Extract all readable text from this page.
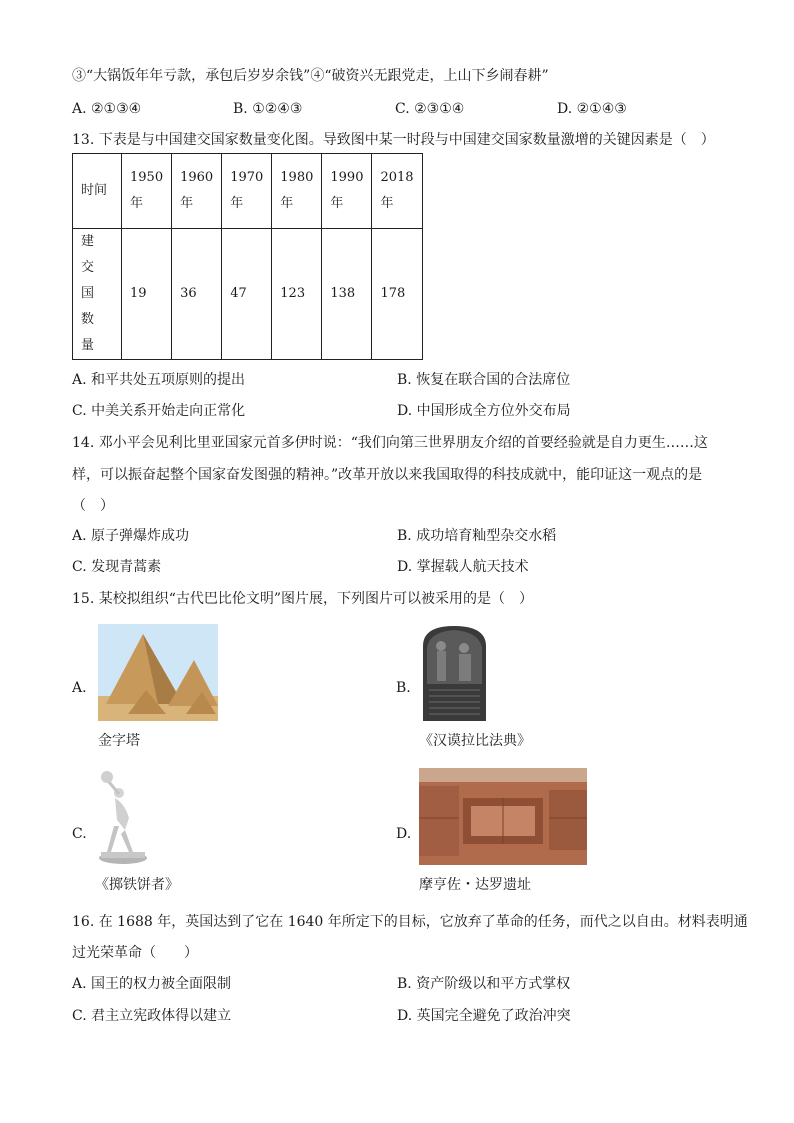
③“大锅饭年年亏款，承包后岁岁余钱”④“破资兴无跟党走，上山下乡闹春耕”
A. ②①③④	B. ①②④③	C. ②③①④	D. ②①④③
13. 下表是与中国建交国家数量变化图。导致图中某一时段与中国建交国家数量激增的关键因素是（　）
时间	1950年	1960年	1970年	1980年	1990年	2018年
建交国数量	19	36	47	123	138	178
A. 和平共处五项原则的提出	B. 恢复在联合国的合法席位
C. 中美关系开始走向正常化	D. 中国形成全方位外交布局
14. 邓小平会见利比里亚国家元首多伊时说：“我们向第三世界朋友介绍的首要经验就是自力更生……这
样，可以振奋起整个国家奋发图强的精神。”改革开放以来我国取得的科技成就中，能印证这一观点的是
（　）
A. 原子弹爆炸成功	B. 成功培育籼型杂交水稻
C. 发现青蒿素	D. 掌握载人航天技术
15. 某校拟组织“古代巴比伦文明”图片展，下列图片可以被采用的是（　）
A.
金字塔
B.
《汉谟拉比法典》
C.
《掷铁饼者》
D.
摩亨佐・达罗遗址
16. 在 1688 年，英国达到了它在 1640 年所定下的目标，它放弃了革命的任务，而代之以自由。材料表明通
过光荣革命（　　）
A. 国王的权力被全面限制	B. 资产阶级以和平方式掌权
C. 君主立宪政体得以建立	D. 英国完全避免了政治冲突
